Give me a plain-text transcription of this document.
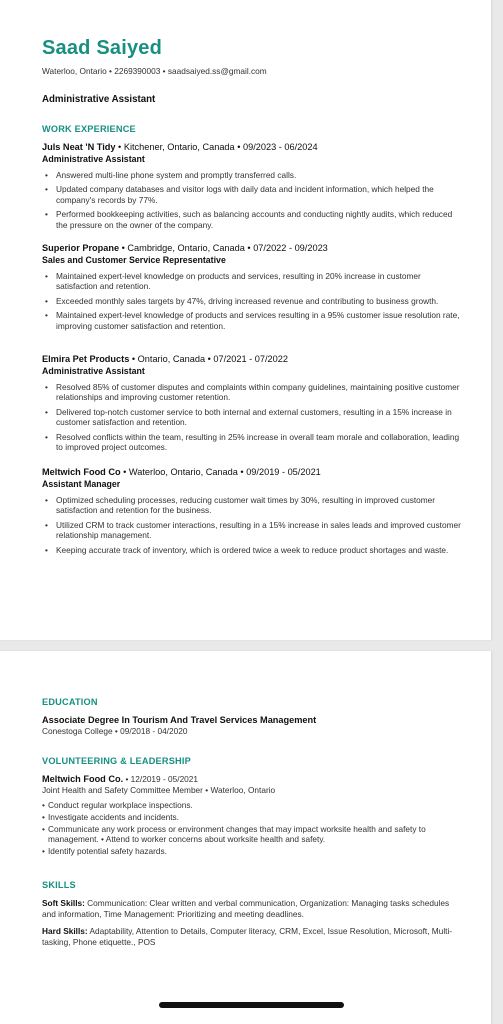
Saad Saiyed
Waterloo, Ontario • 2269390003 • saadsaiyed.ss@gmail.com
Administrative Assistant
WORK EXPERIENCE
Juls Neat 'N Tidy • Kitchener, Ontario, Canada • 09/2023 - 06/2024
Administrative Assistant
• Answered multi-line phone system and promptly transferred calls.
• Updated company databases and visitor logs with daily data and incident information, which helped the company's records by 77%.
• Performed bookkeeping activities, such as balancing accounts and conducting nightly audits, which reduced the pressure on the owner of the company.
Superior Propane • Cambridge, Ontario, Canada • 07/2022 - 09/2023
Sales and Customer Service Representative
• Maintained expert-level knowledge on products and services, resulting in 20% increase in customer satisfaction and retention.
• Exceeded monthly sales targets by 47%, driving increased revenue and contributing to business growth.
• Maintained expert-level knowledge of products and services resulting in a 95% customer issue resolution rate, improving customer satisfaction and retention.
Elmira Pet Products • Ontario, Canada • 07/2021 - 07/2022
Administrative Assistant
• Resolved 85% of customer disputes and complaints within company guidelines, maintaining positive customer relationships and improving customer retention.
• Delivered top-notch customer service to both internal and external customers, resulting in a 15% increase in customer satisfaction and retention.
• Resolved conflicts within the team, resulting in 25% increase in overall team morale and collaboration, leading to improved project outcomes.
Meltwich Food Co • Waterloo, Ontario, Canada • 09/2019 - 05/2021
Assistant Manager
• Optimized scheduling processes, reducing customer wait times by 30%, resulting in improved customer satisfaction and retention for the business.
• Utilized CRM to track customer interactions, resulting in a 15% increase in sales leads and improved customer relationship management.
• Keeping accurate track of inventory, which is ordered twice a week to reduce product shortages and waste.
EDUCATION
Associate Degree In Tourism And Travel Services Management
Conestoga College • 09/2018 - 04/2020
VOLUNTEERING & LEADERSHIP
Meltwich Food Co. • 12/2019 - 05/2021
Joint Health and Safety Committee Member • Waterloo, Ontario
• Conduct regular workplace inspections.
• Investigate accidents and incidents.
• Communicate any work process or environment changes that may impact worksite health and safety to management. • Attend to worker concerns about worksite health and safety.
• Identify potential safety hazards.
SKILLS
Soft Skills: Communication: Clear written and verbal communication, Organization: Managing tasks schedules and information, Time Management: Prioritizing and meeting deadlines.
Hard Skills: Adaptability, Attention to Details, Computer literacy, CRM, Excel, Issue Resolution, Microsoft, Multi-tasking, Phone etiquette., POS
